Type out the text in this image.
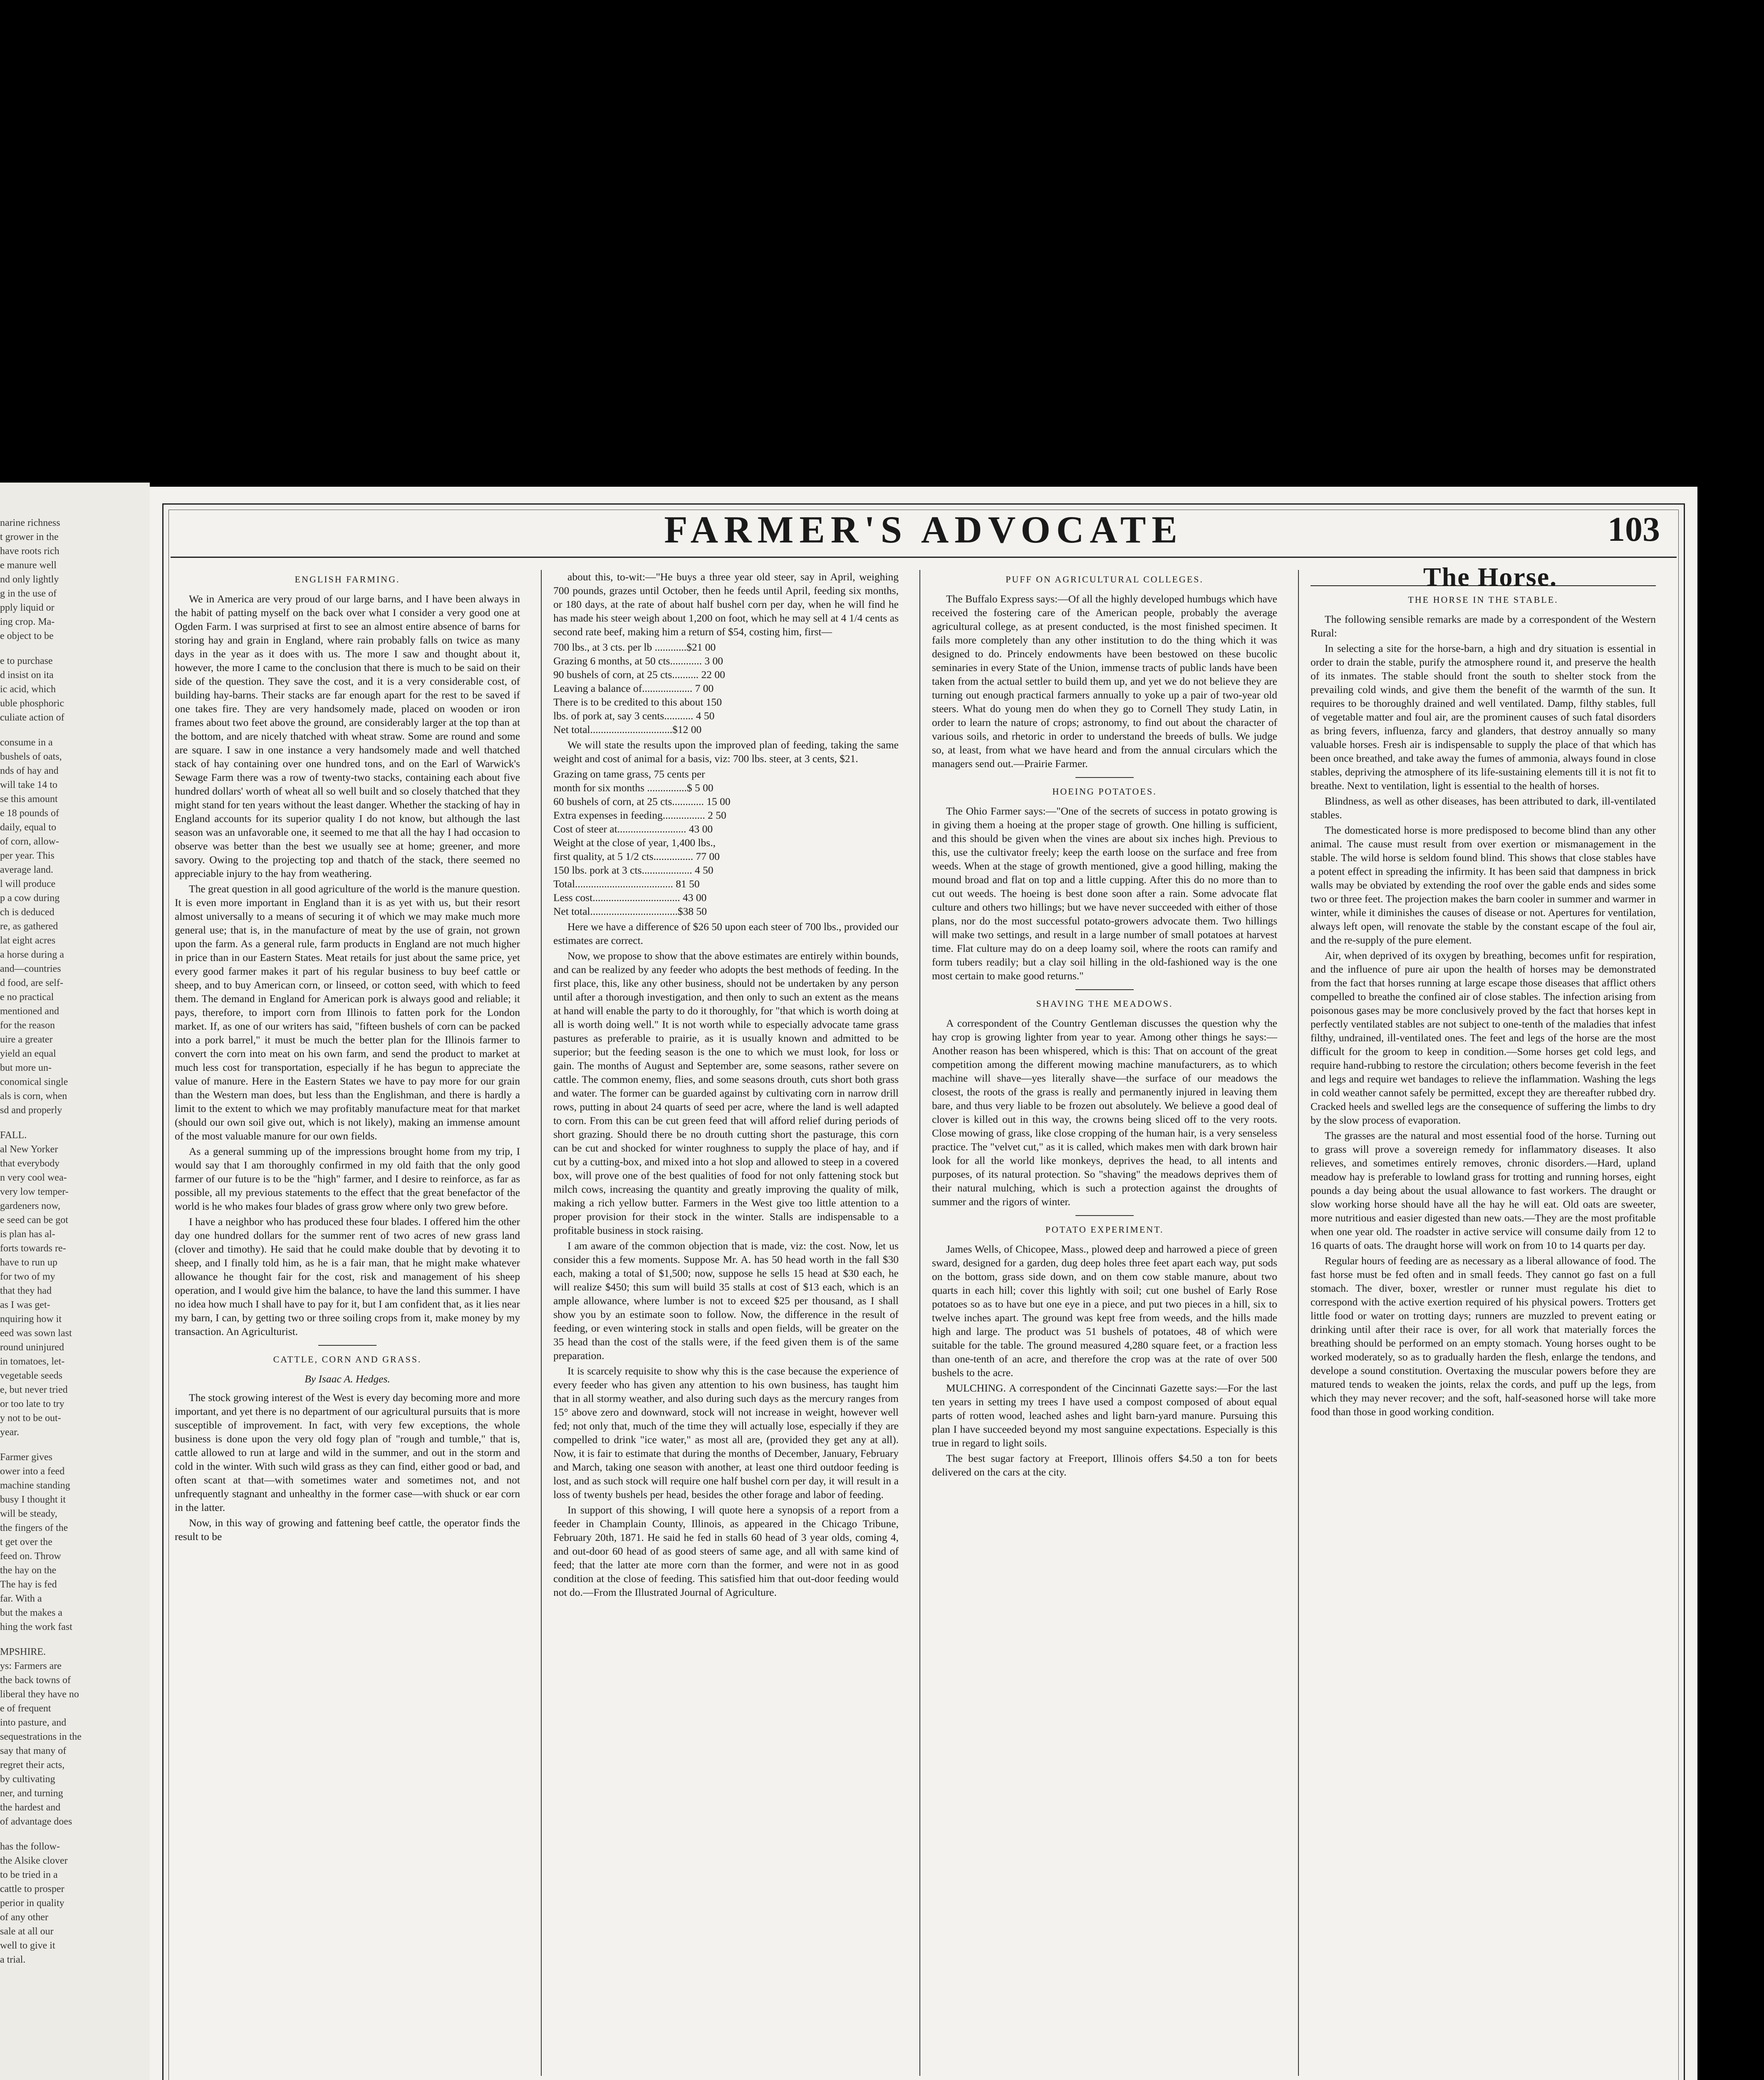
narine richness
t grower in the
have roots rich
e manure well
nd only lightly
g in the use of
pply liquid or
ing crop. Ma-
e object to be

e to purchase
d insist on ita
ic acid, which
uble phosphoric
culiate action of

consume in a
bushels of oats,
nds of hay and
will take 14 to
se this amount
e 18 pounds of
daily, equal to
of corn, allow-
per year. This
average land.
l will produce
p a cow during
ch is deduced
re, as gathered
lat eight acres
a horse during a
and—countries
d food, are self-
e no practical
mentioned and
for the reason
uire a greater
yield an equal
but more un-
conomical single
als is corn, when
sd and properly

FALL.
al New Yorker
that everybody
n very cool wea-
very low temper-
gardeners now,
e seed can be got
is plan has al-
forts towards re-
have to run up
for two of my
that they had
as I was get-
nquiring how it
eed was sown last
round uninjured
in tomatoes, let-
vegetable seeds
e, but never tried
or too late to try
y not to be out-
year.

Farmer gives
ower into a feed
machine standing
busy I thought it
will be steady,
the fingers of the
t get over the
feed on. Throw
the hay on the
The hay is fed
far. With a
but the makes a
hing the work fast

MPSHIRE.
ys: Farmers are
the back towns of
liberal they have no
e of frequent
into pasture, and
sequestrations in the
say that many of
regret their acts,
by cultivating
ner, and turning
the hardest and
of advantage does

has the follow-
the Alsike clover
to be tried in a
cattle to prosper
perior in quality
of any other
sale at all our
well to give it
a trial.

FARMER'S ADVOCATE	103

ENGLISH FARMING.

We in America are very proud of our large barns, and I have been always in the habit of patting myself on the back over what I consider a very good one at Ogden Farm. I was surprised at first to see an almost entire absence of barns for storing hay and grain in England, where rain probably falls on twice as many days in the year as it does with us. The more I saw and thought about it, however, the more I came to the conclusion that there is much to be said on their side of the question. They save the cost, and it is a very considerable cost, of building hay-barns. Their stacks are far enough apart for the rest to be saved if one takes fire. They are very handsomely made, placed on wooden or iron frames about two feet above the ground, are considerably larger at the top than at the bottom, and are nicely thatched with wheat straw. Some are round and some are square. I saw in one instance a very handsomely made and well thatched stack of hay containing over one hundred tons, and on the Earl of Warwick's Sewage Farm there was a row of twenty-two stacks, containing each about five hundred dollars' worth of wheat all so well built and so closely thatched that they might stand for ten years without the least danger. Whether the stacking of hay in England accounts for its superior quality I do not know, but although the last season was an unfavorable one, it seemed to me that all the hay I had occasion to observe was better than the best we usually see at home; greener, and more savory. Owing to the projecting top and thatch of the stack, there seemed no appreciable injury to the hay from weathering.

The great question in all good agriculture of the world is the manure question. It is even more important in England than it is as yet with us, but their resort almost universally to a means of securing it of which we may make much more general use; that is, in the manufacture of meat by the use of grain, not grown upon the farm. As a general rule, farm products in England are not much higher in price than in our Eastern States. Meat retails for just about the same price, yet every good farmer makes it part of his regular business to buy beef cattle or sheep, and to buy American corn, or linseed, or cotton seed, with which to feed them. The demand in England for American pork is always good and reliable; it pays, therefore, to import corn from Illinois to fatten pork for the London market. If, as one of our writers has said, "fifteen bushels of corn can be packed into a pork barrel," it must be much the better plan for the Illinois farmer to convert the corn into meat on his own farm, and send the product to market at much less cost for transportation, especially if he has begun to appreciate the value of manure. Here in the Eastern States we have to pay more for our grain than the Western man does, but less than the Englishman, and there is hardly a limit to the extent to which we may profitably manufacture meat for that market (should our own soil give out, which is not likely), making an immense amount of the most valuable manure for our own fields.

As a general summing up of the impressions brought home from my trip, I would say that I am thoroughly confirmed in my old faith that the only good farmer of our future is to be the "high" farmer, and I desire to reinforce, as far as possible, all my previous statements to the effect that the great benefactor of the world is he who makes four blades of grass grow where only two grew before.

I have a neighbor who has produced these four blades. I offered him the other day one hundred dollars for the summer rent of two acres of new grass land (clover and timothy). He said that he could make double that by devoting it to sheep, and I finally told him, as he is a fair man, that he might make whatever allowance he thought fair for the cost, risk and management of his sheep operation, and I would give him the balance, to have the land this summer. I have no idea how much I shall have to pay for it, but I am confident that, as it lies near my barn, I can, by getting two or three soiling crops from it, make money by my transaction. An Agriculturist.

CATTLE, CORN AND GRASS.

By Isaac A. Hedges.

The stock growing interest of the West is every day becoming more and more important, and yet there is no department of our agricultural pursuits that is more susceptible of improvement. In fact, with very few exceptions, the whole business is done upon the very old fogy plan of "rough and tumble," that is, cattle allowed to run at large and wild in the summer, and out in the storm and cold in the winter. With such wild grass as they can find, either good or bad, and often scant at that—with sometimes water and sometimes not, and not unfrequently stagnant and unhealthy in the former case—with shuck or ear corn in the latter.

Now, in this way of growing and fattening beef cattle, the operator finds the result to be

about this, to-wit:—"He buys a three year old steer, say in April, weighing 700 pounds, grazes until October, then he feeds until April, feeding six months, or 180 days, at the rate of about half bushel corn per day, when he will find he has made his steer weigh about 1,200 on foot, which he may sell at 4 1/4 cents as second rate beef, making him a return of $54, costing him, first—

700 lbs., at 3 cts. per lb ............$21 00
Grazing 6 months, at 50 cts............ 3 00
90 bushels of corn, at 25 cts.......... 22 00
Leaving a balance of................... 7 00
There is to be credited to this about 150
lbs. of pork at, say 3 cents........... 4 50
Net total...............................$12 00

We will state the results upon the improved plan of feeding, taking the same weight and cost of animal for a basis, viz: 700 lbs. steer, at 3 cents, $21.

Grazing on tame grass, 75 cents per
month for six months ...............$ 5 00
60 bushels of corn, at 25 cts............ 15 00
Extra expenses in feeding................ 2 50
Cost of steer at.......................... 43 00
Weight at the close of year, 1,400 lbs.,
first quality, at 5 1/2 cts............... 77 00
150 lbs. pork at 3 cts................... 4 50
Total..................................... 81 50
Less cost................................. 43 00
Net total.................................$38 50

Here we have a difference of $26 50 upon each steer of 700 lbs., provided our estimates are correct.

Now, we propose to show that the above estimates are entirely within bounds, and can be realized by any feeder who adopts the best methods of feeding. In the first place, this, like any other business, should not be undertaken by any person until after a thorough investigation, and then only to such an extent as the means at hand will enable the party to do it thoroughly, for "that which is worth doing at all is worth doing well." It is not worth while to especially advocate tame grass pastures as preferable to prairie, as it is usually known and admitted to be superior; but the feeding season is the one to which we must look, for loss or gain. The months of August and September are, some seasons, rather severe on cattle. The common enemy, flies, and some seasons drouth, cuts short both grass and water. The former can be guarded against by cultivating corn in narrow drill rows, putting in about 24 quarts of seed per acre, where the land is well adapted to corn. From this can be cut green feed that will afford relief during periods of short grazing. Should there be no drouth cutting short the pasturage, this corn can be cut and shocked for winter roughness to supply the place of hay, and if cut by a cutting-box, and mixed into a hot slop and allowed to steep in a covered box, will prove one of the best qualities of food for not only fattening stock but milch cows, increasing the quantity and greatly improving the quality of milk, making a rich yellow butter. Farmers in the West give too little attention to a proper provision for their stock in the winter. Stalls are indispensable to a profitable business in stock raising.

I am aware of the common objection that is made, viz: the cost. Now, let us consider this a few moments. Suppose Mr. A. has 50 head worth in the fall $30 each, making a total of $1,500; now, suppose he sells 15 head at $30 each, he will realize $450; this sum will build 35 stalls at cost of $13 each, which is an ample allowance, where lumber is not to exceed $25 per thousand, as I shall show you by an estimate soon to follow. Now, the difference in the result of feeding, or even wintering stock in stalls and open fields, will be greater on the 35 head than the cost of the stalls were, if the feed given them is of the same preparation.

It is scarcely requisite to show why this is the case because the experience of every feeder who has given any attention to his own business, has taught him that in all stormy weather, and also during such days as the mercury ranges from 15° above zero and downward, stock will not increase in weight, however well fed; not only that, much of the time they will actually lose, especially if they are compelled to drink "ice water," as most all are, (provided they get any at all). Now, it is fair to estimate that during the months of December, January, February and March, taking one season with another, at least one third outdoor feeding is lost, and as such stock will require one half bushel corn per day, it will result in a loss of twenty bushels per head, besides the other forage and labor of feeding.

In support of this showing, I will quote here a synopsis of a report from a feeder in Champlain County, Illinois, as appeared in the Chicago Tribune, February 20th, 1871. He said he fed in stalls 60 head of 3 year olds, coming 4, and out-door 60 head of as good steers of same age, and all with same kind of feed; that the latter ate more corn than the former, and were not in as good condition at the close of feeding. This satisfied him that out-door feeding would not do.—From the Illustrated Journal of Agriculture.

PUFF ON AGRICULTURAL COLLEGES.

The Buffalo Express says:—Of all the highly developed humbugs which have received the fostering care of the American people, probably the average agricultural college, as at present conducted, is the most finished specimen. It fails more completely than any other institution to do the thing which it was designed to do. Princely endowments have been bestowed on these bucolic seminaries in every State of the Union, immense tracts of public lands have been taken from the actual settler to build them up, and yet we do not believe they are turning out enough practical farmers annually to yoke up a pair of two-year old steers. What do young men do when they go to Cornell They study Latin, in order to learn the nature of crops; astronomy, to find out about the character of various soils, and rhetoric in order to understand the breeds of bulls. We judge so, at least, from what we have heard and from the annual circulars which the managers send out.—Prairie Farmer.

HOEING POTATOES.

The Ohio Farmer says:—"One of the secrets of success in potato growing is in giving them a hoeing at the proper stage of growth. One hilling is sufficient, and this should be given when the vines are about six inches high. Previous to this, use the cultivator freely; keep the earth loose on the surface and free from weeds. When at the stage of growth mentioned, give a good hilling, making the mound broad and flat on top and a little cupping. After this do no more than to cut out weeds. The hoeing is best done soon after a rain. Some advocate flat culture and others two hillings; but we have never succeeded with either of those plans, nor do the most successful potato-growers advocate them. Two hillings will make two settings, and result in a large number of small potatoes at harvest time. Flat culture may do on a deep loamy soil, where the roots can ramify and form tubers readily; but a clay soil hilling in the old-fashioned way is the one most certain to make good returns."

SHAVING THE MEADOWS.

A correspondent of the Country Gentleman discusses the question why the hay crop is growing lighter from year to year. Among other things he says:—Another reason has been whispered, which is this: That on account of the great competition among the different mowing machine manufacturers, as to which machine will shave—yes literally shave—the surface of our meadows the closest, the roots of the grass is really and permanently injured in leaving them bare, and thus very liable to be frozen out absolutely. We believe a good deal of clover is killed out in this way, the crowns being sliced off to the very roots. Close mowing of grass, like close cropping of the human hair, is a very senseless practice. The "velvet cut," as it is called, which makes men with dark brown hair look for all the world like monkeys, deprives the head, to all intents and purposes, of its natural protection. So "shaving" the meadows deprives them of their natural mulching, which is such a protection against the droughts of summer and the rigors of winter.

POTATO EXPERIMENT.

James Wells, of Chicopee, Mass., plowed deep and harrowed a piece of green sward, designed for a garden, dug deep holes three feet apart each way, put sods on the bottom, grass side down, and on them cow stable manure, about two quarts in each hill; cover this lightly with soil; cut one bushel of Early Rose potatoes so as to have but one eye in a piece, and put two pieces in a hill, six to twelve inches apart. The ground was kept free from weeds, and the hills made high and large. The product was 51 bushels of potatoes, 48 of which were suitable for the table. The ground measured 4,280 square feet, or a fraction less than one-tenth of an acre, and therefore the crop was at the rate of over 500 bushels to the acre.

MULCHING. A correspondent of the Cincinnati Gazette says:—For the last ten years in setting my trees I have used a compost composed of about equal parts of rotten wood, leached ashes and light barn-yard manure. Pursuing this plan I have succeeded beyond my most sanguine expectations. Especially is this true in regard to light soils.

The best sugar factory at Freeport, Illinois offers $4.50 a ton for beets delivered on the cars at the city.

The Horse.

THE HORSE IN THE STABLE.

The following sensible remarks are made by a correspondent of the Western Rural:

In selecting a site for the horse-barn, a high and dry situation is essential in order to drain the stable, purify the atmosphere round it, and preserve the health of its inmates. The stable should front the south to shelter stock from the prevailing cold winds, and give them the benefit of the warmth of the sun. It requires to be thoroughly drained and well ventilated. Damp, filthy stables, full of vegetable matter and foul air, are the prominent causes of such fatal disorders as bring fevers, influenza, farcy and glanders, that destroy annually so many valuable horses. Fresh air is indispensable to supply the place of that which has been once breathed, and take away the fumes of ammonia, always found in close stables, depriving the atmosphere of its life-sustaining elements till it is not fit to breathe. Next to ventilation, light is essential to the health of horses.

Blindness, as well as other diseases, has been attributed to dark, ill-ventilated stables.

The domesticated horse is more predisposed to become blind than any other animal. The cause must result from over exertion or mismanagement in the stable. The wild horse is seldom found blind. This shows that close stables have a potent effect in spreading the infirmity. It has been said that dampness in brick walls may be obviated by extending the roof over the gable ends and sides some two or three feet. The projection makes the barn cooler in summer and warmer in winter, while it diminishes the causes of disease or not. Apertures for ventilation, always left open, will renovate the stable by the constant escape of the foul air, and the re-supply of the pure element.

Air, when deprived of its oxygen by breathing, becomes unfit for respiration, and the influence of pure air upon the health of horses may be demonstrated from the fact that horses running at large escape those diseases that afflict others compelled to breathe the confined air of close stables. The infection arising from poisonous gases may be more conclusively proved by the fact that horses kept in perfectly ventilated stables are not subject to one-tenth of the maladies that infest filthy, undrained, ill-ventilated ones. The feet and legs of the horse are the most difficult for the groom to keep in condition.—Some horses get cold legs, and require hand-rubbing to restore the circulation; others become feverish in the feet and legs and require wet bandages to relieve the inflammation. Washing the legs in cold weather cannot safely be permitted, except they are thereafter rubbed dry. Cracked heels and swelled legs are the consequence of suffering the limbs to dry by the slow process of evaporation.

The grasses are the natural and most essential food of the horse. Turning out to grass will prove a sovereign remedy for inflammatory diseases. It also relieves, and sometimes entirely removes, chronic disorders.—Hard, upland meadow hay is preferable to lowland grass for trotting and running horses, eight pounds a day being about the usual allowance to fast workers. The draught or slow working horse should have all the hay he will eat. Old oats are sweeter, more nutritious and easier digested than new oats.—They are the most profitable when one year old. The roadster in active service will consume daily from 12 to 16 quarts of oats. The draught horse will work on from 10 to 14 quarts per day.

Regular hours of feeding are as necessary as a liberal allowance of food. The fast horse must be fed often and in small feeds. They cannot go fast on a full stomach. The diver, boxer, wrestler or runner must regulate his diet to correspond with the active exertion required of his physical powers. Trotters get little food or water on trotting days; runners are muzzled to prevent eating or drinking until after their race is over, for all work that materially forces the breathing should be performed on an empty stomach. Young horses ought to be worked moderately, so as to gradually harden the flesh, enlarge the tendons, and develope a sound constitution. Overtaxing the muscular powers before they are matured tends to weaken the joints, relax the cords, and puff up the legs, from which they may never recover; and the soft, half-seasoned horse will take more food than those in good working condition.
